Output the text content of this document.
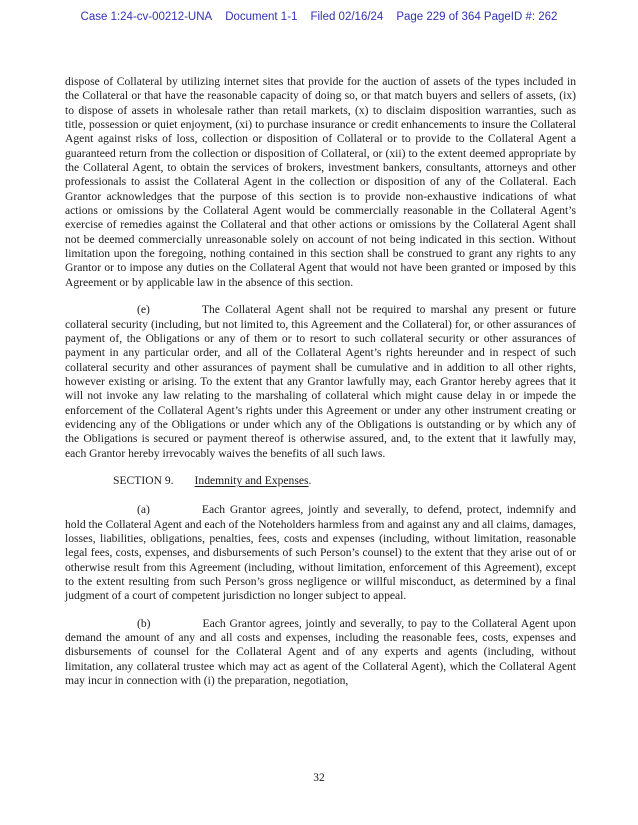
Case 1:24-cv-00212-UNA Document 1-1 Filed 02/16/24 Page 229 of 364 PageID #: 262

dispose of Collateral by utilizing internet sites that provide for the auction of assets of the types included in the Collateral or that have the reasonable capacity of doing so, or that match buyers and sellers of assets, (ix) to dispose of assets in wholesale rather than retail markets, (x) to disclaim disposition warranties, such as title, possession or quiet enjoyment, (xi) to purchase insurance or credit enhancements to insure the Collateral Agent against risks of loss, collection or disposition of Collateral or to provide to the Collateral Agent a guaranteed return from the collection or disposition of Collateral, or (xii) to the extent deemed appropriate by the Collateral Agent, to obtain the services of brokers, investment bankers, consultants, attorneys and other professionals to assist the Collateral Agent in the collection or disposition of any of the Collateral. Each Grantor acknowledges that the purpose of this section is to provide non-exhaustive indications of what actions or omissions by the Collateral Agent would be commercially reasonable in the Collateral Agent’s exercise of remedies against the Collateral and that other actions or omissions by the Collateral Agent shall not be deemed commercially unreasonable solely on account of not being indicated in this section. Without limitation upon the foregoing, nothing contained in this section shall be construed to grant any rights to any Grantor or to impose any duties on the Collateral Agent that would not have been granted or imposed by this Agreement or by applicable law in the absence of this section.

(e)	The Collateral Agent shall not be required to marshal any present or future collateral security (including, but not limited to, this Agreement and the Collateral) for, or other assurances of payment of, the Obligations or any of them or to resort to such collateral security or other assurances of payment in any particular order, and all of the Collateral Agent’s rights hereunder and in respect of such collateral security and other assurances of payment shall be cumulative and in addition to all other rights, however existing or arising. To the extent that any Grantor lawfully may, each Grantor hereby agrees that it will not invoke any law relating to the marshaling of collateral which might cause delay in or impede the enforcement of the Collateral Agent’s rights under this Agreement or under any other instrument creating or evidencing any of the Obligations or under which any of the Obligations is outstanding or by which any of the Obligations is secured or payment thereof is otherwise assured, and, to the extent that it lawfully may, each Grantor hereby irrevocably waives the benefits of all such laws.

SECTION 9. Indemnity and Expenses.

(a)	Each Grantor agrees, jointly and severally, to defend, protect, indemnify and hold the Collateral Agent and each of the Noteholders harmless from and against any and all claims, damages, losses, liabilities, obligations, penalties, fees, costs and expenses (including, without limitation, reasonable legal fees, costs, expenses, and disbursements of such Person’s counsel) to the extent that they arise out of or otherwise result from this Agreement (including, without limitation, enforcement of this Agreement), except to the extent resulting from such Person’s gross negligence or willful misconduct, as determined by a final judgment of a court of competent jurisdiction no longer subject to appeal.

(b)	Each Grantor agrees, jointly and severally, to pay to the Collateral Agent upon demand the amount of any and all costs and expenses, including the reasonable fees, costs, expenses and disbursements of counsel for the Collateral Agent and of any experts and agents (including, without limitation, any collateral trustee which may act as agent of the Collateral Agent), which the Collateral Agent may incur in connection with (i) the preparation, negotiation,

32
